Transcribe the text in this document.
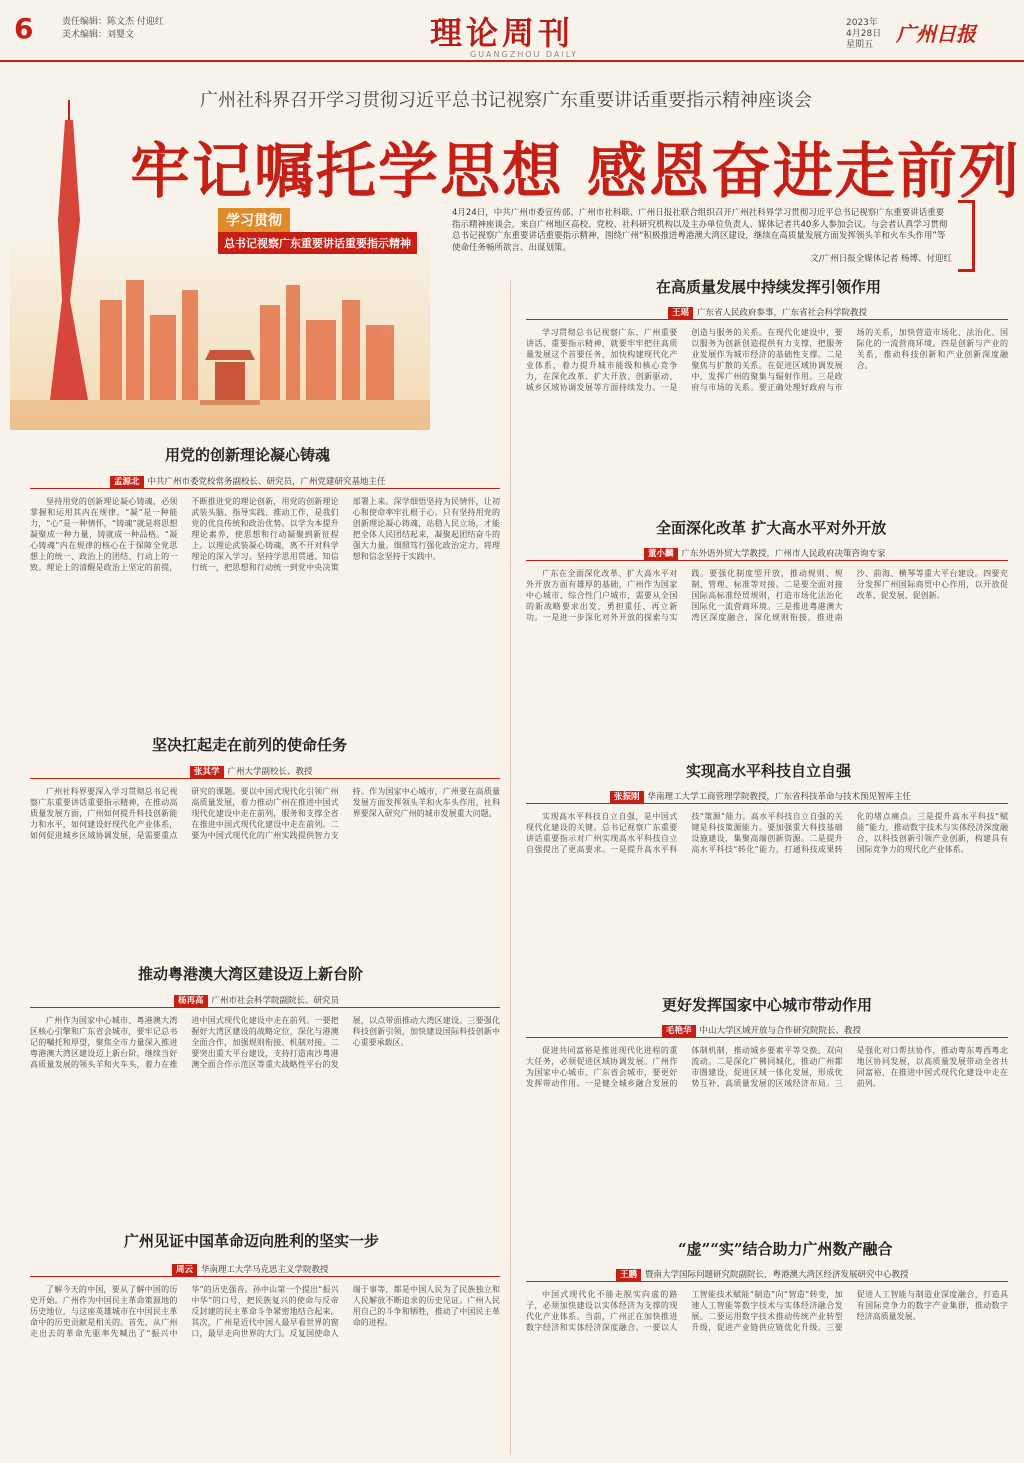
6	责任编辑：陈文杰 付迎红
美术编辑：刘婴文	理论周刊
GUANGZHOU DAILY
2023年
4月28日
星期五	广州日报
广州社科界召开学习贯彻习近平总书记视察广东重要讲话重要指示精神座谈会
牢记嘱托学思想 感恩奋进走前列
学习贯彻
总书记视察广东重要讲话重要指示精神
4月24日，中共广州市委宣传部、广州市社科联、广州日报社联合组织召开广州社科界学习贯彻习近平总书记视察广东重要讲话重要指示精神座谈会。来自广州地区高校、党校、社科研究机构以及主办单位负责人、媒体记者共40多人参加会议。与会者认真学习贯彻总书记视察广东重要讲话重要指示精神，围绕广州“积极推进粤港澳大湾区建设，继续在高质量发展方面发挥领头羊和火车头作用”等使命任务畅所欲言、出谋划策。
文/广州日报全媒体记者 杨博、付迎红
用党的创新理论凝心铸魂
孟源北 中共广州市委党校常务副校长、研究员，广州党建研究基地主任

坚持用党的创新理论凝心铸魂，必须掌握和运用其内在规律。“凝”是一种能力，“心”是一种情怀，“铸魂”就是将思想凝聚成一种力量，铸就成一种品格。“凝心铸魂”内在规律的核心在于保障全党思想上的统一、政治上的团结、行动上的一致。理论上的清醒是政治上坚定的前提，不断推进党的理论创新，用党的创新理论武装头脑、指导实践、推动工作，是我们党的优良传统和政治优势。以学为本提升理论素养，使思想和行动凝聚到新征程上。以理论武装凝心铸魂，离不开对科学理论的深入学习。坚持学思用贯通、知信行统一，把思想和行动统一到党中央决策部署上来。深学细悟坚持为民情怀，让初心和使命率牢扎根于心。只有坚持用党的创新理论凝心铸魂，站稳人民立场，才能把全体人民团结起来，凝聚起团结奋斗的强大力量。细照笃行强化政治定力，将理想和信念坚持于实践中。

坚决扛起走在前列的使命任务
张其学 广州大学副校长、教授

广州社科界要深入学习贯彻总书记视察广东重要讲话重要指示精神，在推动高质量发展方面，广州如何提升科技创新能力和水平，如何建设好现代化产业体系，如何促进城乡区域协调发展，是需要重点研究的课题。要以中国式现代化引领广州高质量发展，着力推动广州在推进中国式现代化建设中走在前列，服务和支撑全省在推进中国式现代化建设中走在前列。二要为中国式现代化的广州实践提供智力支持。作为国家中心城市，广州要在高质量发展方面发挥领头羊和火车头作用，社科界要深入研究广州的城市发展重大问题。

推动粤港澳大湾区建设迈上新台阶
杨再高 广州市社会科学院副院长、研究员

广州作为国家中心城市、粤港澳大湾区核心引擎和广东省会城市，要牢记总书记的嘱托和厚望，聚焦全市力量深入推进粤港澳大湾区建设迈上新台阶，继续当好高质量发展的领头羊和火车头，着力在推进中国式现代化建设中走在前列。一要把握好大湾区建设的战略定位，深化与港澳全面合作，加强规则衔接、机制对接。二要突出重大平台建设，支持打造南沙粤港澳全面合作示范区等重大战略性平台的发展，以点带面推动大湾区建设。三要强化科技创新引领，加快建设国际科技创新中心重要承载区。

广州见证中国革命迈向胜利的坚实一步
周云 华南理工大学马克思主义学院教授

了解今天的中国，要从了解中国的历史开始。广州作为中国民主革命策源地的历史地位，与这座英雄城市在中国民主革命中的历史贡献是相关的。首先，从广州走出去的革命先驱率先喊出了“振兴中华”的历史强音。孙中山第一个提出“振兴中华”的口号，把民族复兴的使命与反帝反封建的民主革命斗争紧密地结合起来。其次，广州是近代中国人最早看世界的窗口，最早走向世界的大门。反复国使命人端于事等，都是中国人民为了民族独立和人民解放不断追求的历史见证。广州人民用自己的斗争和牺牲，推动了中国民主革命的进程。

在高质量发展中持续发挥引领作用
王瑶 广东省人民政府参事，广东省社会科学院教授

学习贯彻总书记视察广东、广州重要讲话、重要指示精神，就要牢牢把住高质量发展这个首要任务，加快构建现代化产业体系，着力提升城市能级和核心竞争力，在深化改革、扩大开放、创新驱动、城乡区域协调发展等方面持续发力。一是创造与服务的关系。在现代化建设中，要以服务为创新创造提供有力支撑，把服务业发展作为城市经济的基础性支撑。二是聚焦与扩散的关系。在促进区域协调发展中，发挥广州的聚集与辐射作用。三是政府与市场的关系。要正确处理好政府与市场的关系，加快营造市场化、法治化、国际化的一流营商环境。四是创新与产业的关系，推动科技创新和产业创新深度融合。

全面深化改革 扩大高水平对外开放
董小麟 广东外语外贸大学教授，广州市人民政府决策咨询专家

广东在全面深化改革、扩大高水平对外开放方面有雄厚的基础，广州作为国家中心城市、综合性门户城市，需要从全国的新战略要求出发，勇担重任、再立新功。一是进一步深化对外开放的探索与实践。要强化制度型开放，推动规则、规制、管理、标准等对接。二是要全面对接国际高标准经贸规则，打造市场化法治化国际化一流营商环境。三是推进粤港澳大湾区深度融合，深化规则衔接，推进南沙、前海、横琴等重大平台建设。四要充分发挥广州国际商贸中心作用，以开放促改革、促发展、促创新。

实现高水平科技自立自强
张振刚 华南理工大学工商管理学院教授，广东省科技革命与技术预见智库主任

实现高水平科技自立自强，是中国式现代化建设的关键。总书记视察广东重要讲话重要指示对广州实现高水平科技自立自强提出了更高要求。一是提升高水平科技“策源”能力。高水平科技自立自强的关键是科技策源能力。要加强重大科技基础设施建设，集聚高端创新资源。二是提升高水平科技“转化”能力，打通科技成果转化的堵点痛点。三是提升高水平科技“赋能”能力，推动数字技术与实体经济深度融合，以科技创新引领产业创新，构建具有国际竞争力的现代化产业体系。

更好发挥国家中心城市带动作用
毛艳华 中山大学区域开放与合作研究院院长、教授

促进共同富裕是推进现代化进程的重大任务，必须促进区域协调发展。广州作为国家中心城市、广东省会城市，要更好发挥带动作用。一是健全城乡融合发展的体制机制，推动城乡要素平等交换、双向流动。二是深化广佛同城化，推动广州都市圈建设，促进区域一体化发展，形成优势互补、高质量发展的区域经济布局。三是强化对口帮扶协作，推动粤东粤西粤北地区协同发展，以高质量发展带动全省共同富裕，在推进中国式现代化建设中走在前列。

“虚”“实”结合助力广州数产融合
王鹏 暨南大学国际问题研究院副院长，粤港澳大湾区经济发展研究中心教授

中国式现代化不能走脱实向虚的路子，必须加快建设以实体经济为支撑的现代化产业体系。当前，广州正在加快推进数字经济和实体经济深度融合。一要以人工智能技术赋能“制造”向“智造”转变，加速人工智能等数字技术与实体经济融合发展。二要运用数字技术推动传统产业转型升级，促进产业链供应链优化升级。三要促进人工智能与制造业深度融合，打造具有国际竞争力的数字产业集群，推动数字经济高质量发展。
